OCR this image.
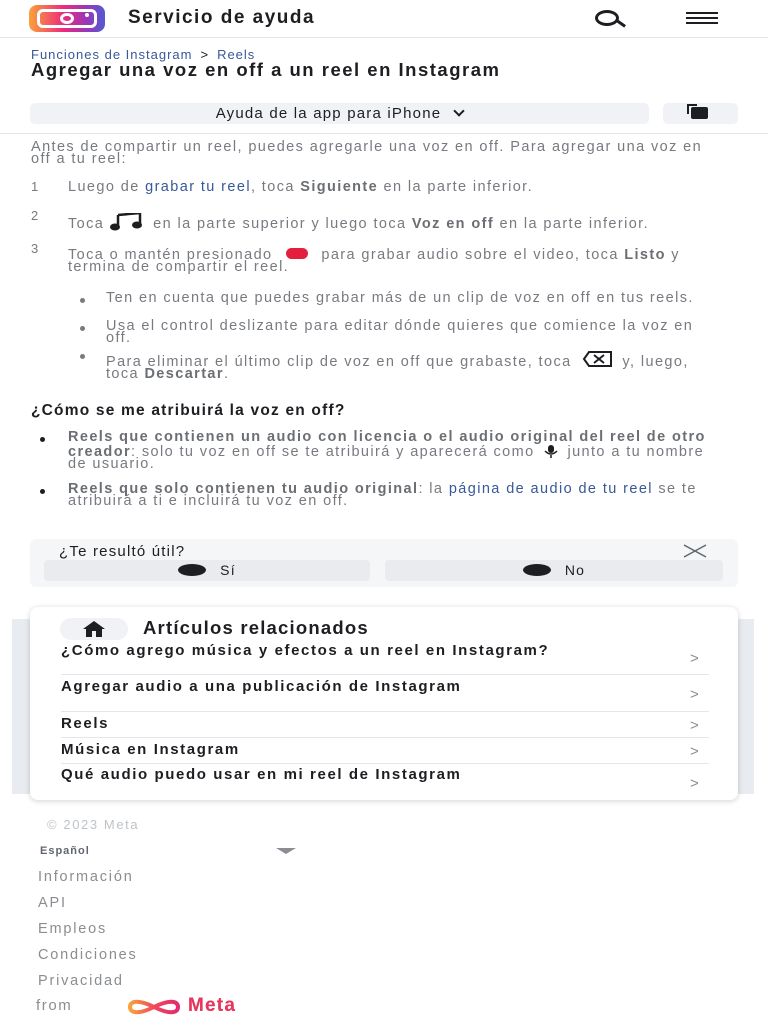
Servicio de ayuda
Funciones de Instagram > Reels
Agregar una voz en off a un reel en Instagram
Ayuda de la app para iPhone
Antes de compartir un reel, puedes agregarle una voz en off. Para agregar una voz en off a tu reel:
1 Luego de grabar tu reel, toca Siguiente en la parte inferior.
2
Toca	en la parte superior y luego toca Voz en off en la parte inferior.
3 Toca o mantén presionado	para grabar audio sobre el video, toca Listo y termina de compartir el reel.
Ten en cuenta que puedes grabar más de un clip de voz en off en tus reels.
Usa el control deslizante para editar dónde quieres que comience la voz en off.
Para eliminar el último clip de voz en off que grabaste, toca	y, luego, toca Descartar.
¿Cómo se me atribuirá la voz en off?
Reels que contienen un audio con licencia o el audio original del reel de otro creador: solo tu voz en off se te atribuirá y aparecerá como  junto a tu nombre de usuario.
Reels que solo contienen tu audio original: la página de audio de tu reel se te atribuirá a ti e incluirá tu voz en off.
¿Te resultó útil?
Sí	No
Artículos relacionados
¿Cómo agrego música y efectos a un reel en Instagram?	>
Agregar audio a una publicación de Instagram	>
Reels	>
Música en Instagram	>
Qué audio puedo usar en mi reel de Instagram
>
© 2023 Meta
Español
Información
API
Empleos
Condiciones
Privacidad
from	Meta
